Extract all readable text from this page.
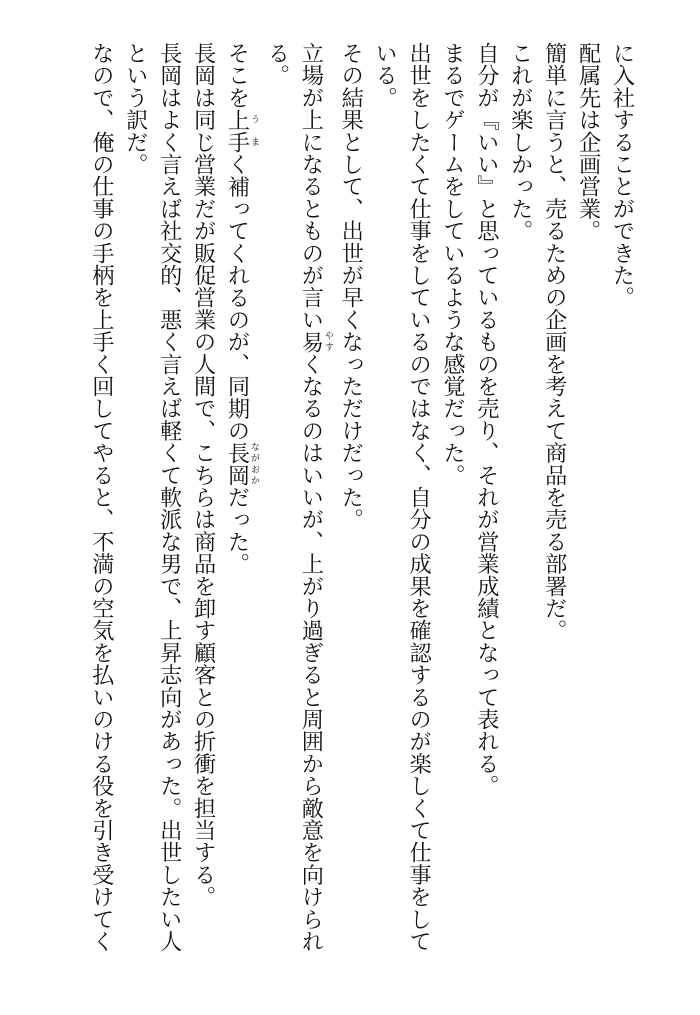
に入社することができた。
配属先は企画営業。
簡単に言うと、売るための企画を考えて商品を売る部署だ。
これが楽しかった。
自分が『いい』と思っているものを売り、それが営業成績となって表れる。
まるでゲームをしているような感覚だった。
出世をしたくて仕事をしているのではなく、自分の成果を確認するのが楽しくて仕事をして
いる。
その結果として、出世が早くなっただけだった。
立場が上になるとものが言い易 やすくなるのはいいが、上がり過ぎると周囲から敵意を向けられ
る。
そこを上手 うまく補ってくれるのが、同期の長岡 ながおかだった。
長岡は同じ営業だが販促営業の人間で、こちらは商品を卸す顧客との折衝を担当する。
長岡はよく言えば社交的、悪く言えば軽くて軟派な男で、上昇志向があった。出世したい人
という訳だ。
なので、俺の仕事の手柄を上手く回してやると、不満の空気を払いのける役を引き受けてく
